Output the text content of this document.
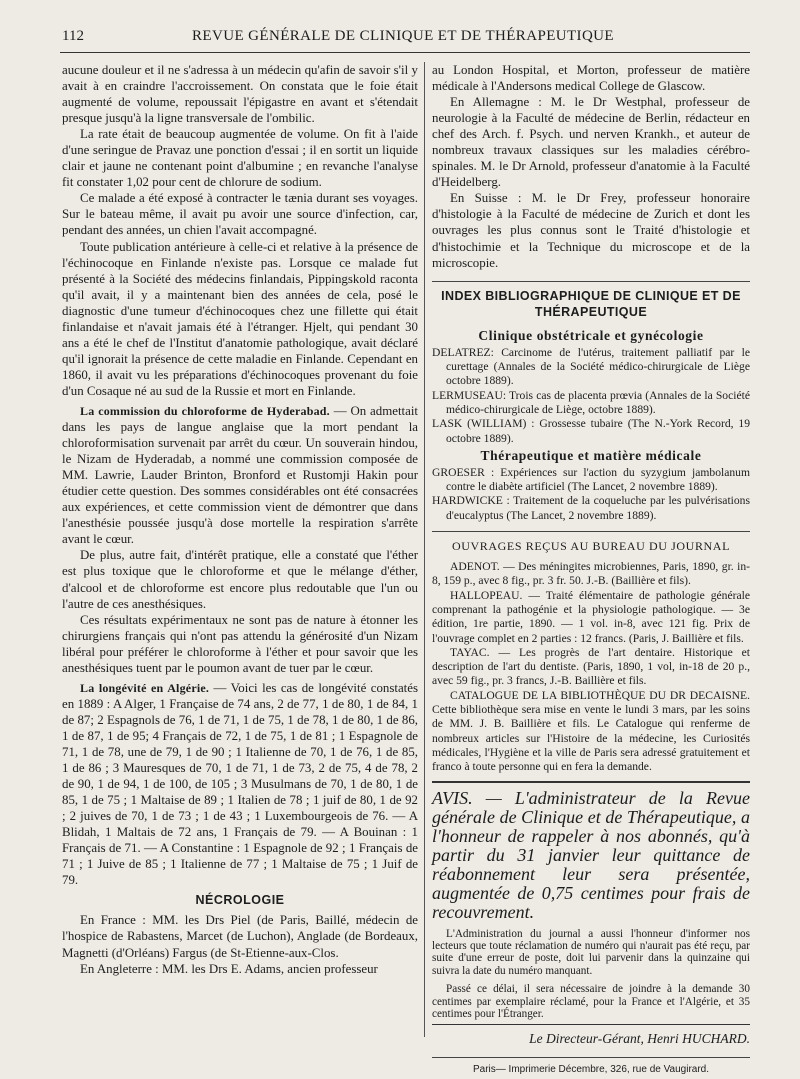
112	REVUE GÉNÉRALE DE CLINIQUE ET DE THÉRAPEUTIQUE

aucune douleur et il ne s'adressa à un médecin qu'afin de savoir s'il y avait à en craindre l'accroissement. On constata que le foie était augmenté de volume, repoussait l'épigastre en avant et s'étendait presque jusqu'à la ligne transversale de l'ombilic.

La rate était de beaucoup augmentée de volume. On fit à l'aide d'une seringue de Pravaz une ponction d'essai ; il en sortit un liquide clair et jaune ne contenant point d'albumine ; en revanche l'analyse fit constater 1,02 pour cent de chlorure de sodium.

Ce malade a été exposé à contracter le tænia durant ses voyages. Sur le bateau même, il avait pu avoir une source d'infection, car, pendant des années, un chien l'avait accompagné.

Toute publication antérieure à celle-ci et relative à la présence de l'échinocoque en Finlande n'existe pas. Lorsque ce malade fut présenté à la Société des médecins finlandais, Pippingskold raconta qu'il avait, il y a maintenant bien des années de cela, posé le diagnostic d'une tumeur d'échinocoques chez une fillette qui était finlandaise et n'avait jamais été à l'étranger. Hjelt, qui pendant 30 ans a été le chef de l'Institut d'anatomie pathologique, avait déclaré qu'il ignorait la présence de cette maladie en Finlande. Cependant en 1860, il avait vu les préparations d'échinocoques provenant du foie d'un Cosaque né au sud de la Russie et mort en Finlande.

La commission du chloroforme de Hyderabad. — On admettait dans les pays de langue anglaise que la mort pendant la chloroformisation survenait par arrêt du cœur. Un souverain hindou, le Nizam de Hyderadab, a nommé une commission composée de MM. Lawrie, Lauder Brinton, Bronford et Rustomji Hakin pour étudier cette question. Des sommes considérables ont été consacrées aux expériences, et cette commission vient de démontrer que dans l'anesthésie poussée jusqu'à dose mortelle la respiration s'arrête avant le cœur.

De plus, autre fait, d'intérêt pratique, elle a constaté que l'éther est plus toxique que le chloroforme et que le mélange d'éther, d'alcool et de chloroforme est encore plus redoutable que l'un ou l'autre de ces anesthésiques.

Ces résultats expérimentaux ne sont pas de nature à étonner les chirurgiens français qui n'ont pas attendu la générosité d'un Nizam libéral pour préférer le chloroforme à l'éther et pour savoir que les anesthésiques tuent par le poumon avant de tuer par le cœur.

La longévité en Algérie. — Voici les cas de longévité constatés en 1889 : A Alger, 1 Française de 74 ans, 2 de 77, 1 de 80, 1 de 84, 1 de 87; 2 Espagnols de 76, 1 de 71, 1 de 75, 1 de 78, 1 de 80, 1 de 86, 1 de 87, 1 de 95; 4 Français de 72, 1 de 75, 1 de 81 ; 1 Espagnole de 71, 1 de 78, une de 79, 1 de 90 ; 1 Italienne de 70, 1 de 76, 1 de 85, 1 de 86 ; 3 Mauresques de 70, 1 de 71, 1 de 73, 2 de 75, 4 de 78, 2 de 90, 1 de 94, 1 de 100, de 105 ; 3 Musulmans de 70, 1 de 80, 1 de 85, 1 de 75 ; 1 Maltaise de 89 ; 1 Italien de 78 ; 1 juif de 80, 1 de 92 ; 2 juives de 70, 1 de 73 ; 1 de 43 ; 1 Luxembourgeois de 76. — A Blidah, 1 Maltais de 72 ans, 1 Français de 79. — A Bouinan : 1 Français de 71. — A Constantine : 1 Espagnole de 92 ; 1 Français de 71 ; 1 Juive de 85 ; 1 Italienne de 77 ; 1 Maltaise de 75 ; 1 Juif de 79.

NÉCROLOGIE

En France : MM. les Drs Piel (de Paris, Baillé, médecin de l'hospice de Rabastens, Marcet (de Luchon), Anglade (de Bordeaux, Magnetti (d'Orléans) Fargus (de St-Etienne-aux-Clos.

En Angleterre : MM. les Drs E. Adams, ancien professeur

au London Hospital, et Morton, professeur de matière médicale à l'Andersons medical College de Glascow.

En Allemagne : M. le Dr Westphal, professeur de neurologie à la Faculté de médecine de Berlin, rédacteur en chef des Arch. f. Psych. und nerven Krankh., et auteur de nombreux travaux classiques sur les maladies cérébro-spinales. M. le Dr Arnold, professeur d'anatomie à la Faculté d'Heidelberg.

En Suisse : M. le Dr Frey, professeur honoraire d'histologie à la Faculté de médecine de Zurich et dont les ouvrages les plus connus sont le Traité d'histologie et d'histochimie et la Technique du microscope et de la microscopie.

INDEX BIBLIOGRAPHIQUE DE CLINIQUE ET DE THÉRAPEUTIQUE
Clinique obstétricale et gynécologie

DELATREZ: Carcinome de l'utérus, traitement palliatif par le curettage (Annales de la Société médico-chirurgicale de Liège octobre 1889).

LERMUSEAU: Trois cas de placenta prœvia (Annales de la Société médico-chirurgicale de Liège, octobre 1889).

LASK (WILLIAM) : Grossesse tubaire (The N.-York Record, 19 octobre 1889).

Thérapeutique et matière médicale

GROESER : Expériences sur l'action du syzygium jambolanum contre le diabète artificiel (The Lancet, 2 novembre 1889).

HARDWICKE : Traitement de la coqueluche par les pulvérisations d'eucalyptus (The Lancet, 2 novembre 1889).

OUVRAGES REÇUS AU BUREAU DU JOURNAL

ADENOT. — Des méningites microbiennes, Paris, 1890, gr. in-8, 159 p., avec 8 fig., pr. 3 fr. 50. J.-B. (Baillière et fils).

HALLOPEAU. — Traité élémentaire de pathologie générale comprenant la pathogénie et la physiologie pathologique. — 3e édition, 1re partie, 1890. — 1 vol. in-8, avec 121 fig. Prix de l'ouvrage complet en 2 parties : 12 francs. (Paris, J. Baillière et fils.

TAYAC. — Les progrès de l'art dentaire. Historique et description de l'art du dentiste. (Paris, 1890, 1 vol, in-18 de 20 p., avec 59 fig., pr. 3 francs, J.-B. Baillière et fils.

CATALOGUE DE LA BIBLIOTHÈQUE DU DR DECAISNE. Cette bibliothèque sera mise en vente le lundi 3 mars, par les soins de MM. J. B. Baillière et fils. Le Catalogue qui renferme de nombreux articles sur l'Histoire de la médecine, les Curiosités médicales, l'Hygiène et la ville de Paris sera adressé gratuitement et franco à toute personne qui en fera la demande.

AVIS. — L'administrateur de la Revue générale de Clinique et de Thérapeutique, a l'honneur de rappeler à nos abonnés, qu'à partir du 31 janvier leur quittance de réabonnement leur sera présentée, augmentée de 0,75 centimes pour frais de recouvrement.

L'Administration du journal a aussi l'honneur d'informer nos lecteurs que toute réclamation de numéro qui n'aurait pas été reçu, par suite d'une erreur de poste, doit lui parvenir dans la quinzaine qui suivra la date du numéro manquant.

Passé ce délai, il sera nécessaire de joindre à la demande 30 centimes par exemplaire réclamé, pour la France et l'Algérie, et 35 centimes pour l'Étranger.

Le Directeur-Gérant, Henri HUCHARD.
Paris— Imprimerie Décembre, 326, rue de Vaugirard.
